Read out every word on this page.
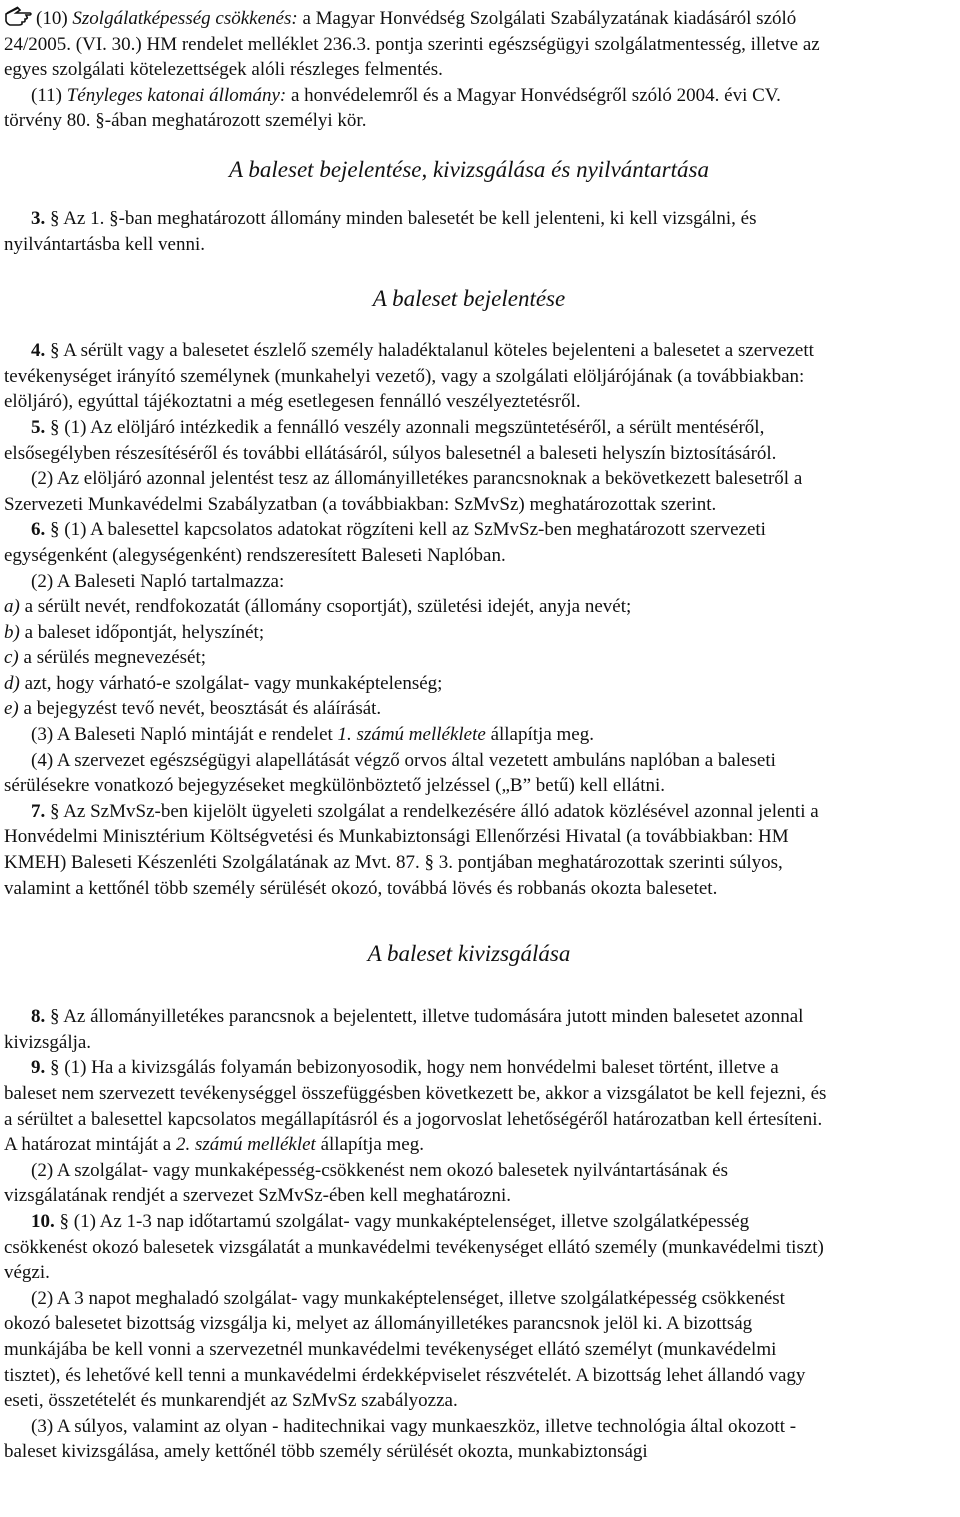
(10) Szolgálatképesség csökkenés: a Magyar Honvédség Szolgálati Szabályzatának kiadásáról szóló

24/2005. (VI. 30.) HM rendelet melléklet 236.3. pontja szerinti egészségügyi szolgálatmentesség, illetve az

egyes szolgálati kötelezettségek alóli részleges felmentés.

(11) Tényleges katonai állomány: a honvédelemről és a Magyar Honvédségről szóló 2004. évi CV.

törvény 80. §-ában meghatározott személyi kör.

A baleset bejelentése, kivizsgálása és nyilvántartása

3. § Az 1. §-ban meghatározott állomány minden balesetét be kell jelenteni, ki kell vizsgálni, és

nyilvántartásba kell venni.

A baleset bejelentése

4. § A sérült vagy a balesetet észlelő személy haladéktalanul köteles bejelenteni a balesetet a szervezett

tevékenységet irányító személynek (munkahelyi vezető), vagy a szolgálati elöljárójának (a továbbiakban:

elöljáró), egyúttal tájékoztatni a még esetlegesen fennálló veszélyeztetésről.

5. § (1) Az elöljáró intézkedik a fennálló veszély azonnali megszüntetéséről, a sérült mentéséről,

elsősegélyben részesítéséről és további ellátásáról, súlyos balesetnél a baleseti helyszín biztosításáról.

(2) Az elöljáró azonnal jelentést tesz az állományilletékes parancsnoknak a bekövetkezett balesetről a

Szervezeti Munkavédelmi Szabályzatban (a továbbiakban: SzMvSz) meghatározottak szerint.

6. § (1) A balesettel kapcsolatos adatokat rögzíteni kell az SzMvSz-ben meghatározott szervezeti

egységenként (alegységenként) rendszeresített Baleseti Naplóban.

(2) A Baleseti Napló tartalmazza:

a) a sérült nevét, rendfokozatát (állomány csoportját), születési idejét, anyja nevét;

b) a baleset időpontját, helyszínét;

c) a sérülés megnevezését;

d) azt, hogy várható-e szolgálat- vagy munkaképtelenség;

e) a bejegyzést tevő nevét, beosztását és aláírását.

(3) A Baleseti Napló mintáját e rendelet 1. számú melléklete állapítja meg.

(4) A szervezet egészségügyi alapellátását végző orvos által vezetett ambuláns naplóban a baleseti

sérülésekre vonatkozó bejegyzéseket megkülönböztető jelzéssel („B” betű) kell ellátni.

7. § Az SzMvSz-ben kijelölt ügyeleti szolgálat a rendelkezésére álló adatok közlésével azonnal jelenti a

Honvédelmi Minisztérium Költségvetési és Munkabiztonsági Ellenőrzési Hivatal (a továbbiakban: HM

KMEH) Baleseti Készenléti Szolgálatának az Mvt. 87. § 3. pontjában meghatározottak szerinti súlyos,

valamint a kettőnél több személy sérülését okozó, továbbá lövés és robbanás okozta balesetet.

A baleset kivizsgálása

8. § Az állományilletékes parancsnok a bejelentett, illetve tudomására jutott minden balesetet azonnal

kivizsgálja.

9. § (1) Ha a kivizsgálás folyamán bebizonyosodik, hogy nem honvédelmi baleset történt, illetve a

baleset nem szervezett tevékenységgel összefüggésben következett be, akkor a vizsgálatot be kell fejezni, és

a sérültet a balesettel kapcsolatos megállapításról és a jogorvoslat lehetőségéről határozatban kell értesíteni.

A határozat mintáját a 2. számú melléklet állapítja meg.

(2) A szolgálat- vagy munkaképesség-csökkenést nem okozó balesetek nyilvántartásának és

vizsgálatának rendjét a szervezet SzMvSz-ében kell meghatározni.

10. § (1) Az 1-3 nap időtartamú szolgálat- vagy munkaképtelenséget, illetve szolgálatképesség

csökkenést okozó balesetek vizsgálatát a munkavédelmi tevékenységet ellátó személy (munkavédelmi tiszt)

végzi.

(2) A 3 napot meghaladó szolgálat- vagy munkaképtelenséget, illetve szolgálatképesség csökkenést

okozó balesetet bizottság vizsgálja ki, melyet az állományilletékes parancsnok jelöl ki. A bizottság

munkájába be kell vonni a szervezetnél munkavédelmi tevékenységet ellátó személyt (munkavédelmi

tisztet), és lehetővé kell tenni a munkavédelmi érdekképviselet részvételét. A bizottság lehet állandó vagy

eseti, összetételét és munkarendjét az SzMvSz szabályozza.

(3) A súlyos, valamint az olyan - haditechnikai vagy munkaeszköz, illetve technológia által okozott -

baleset kivizsgálása, amely kettőnél több személy sérülését okozta, munkabiztonsági
